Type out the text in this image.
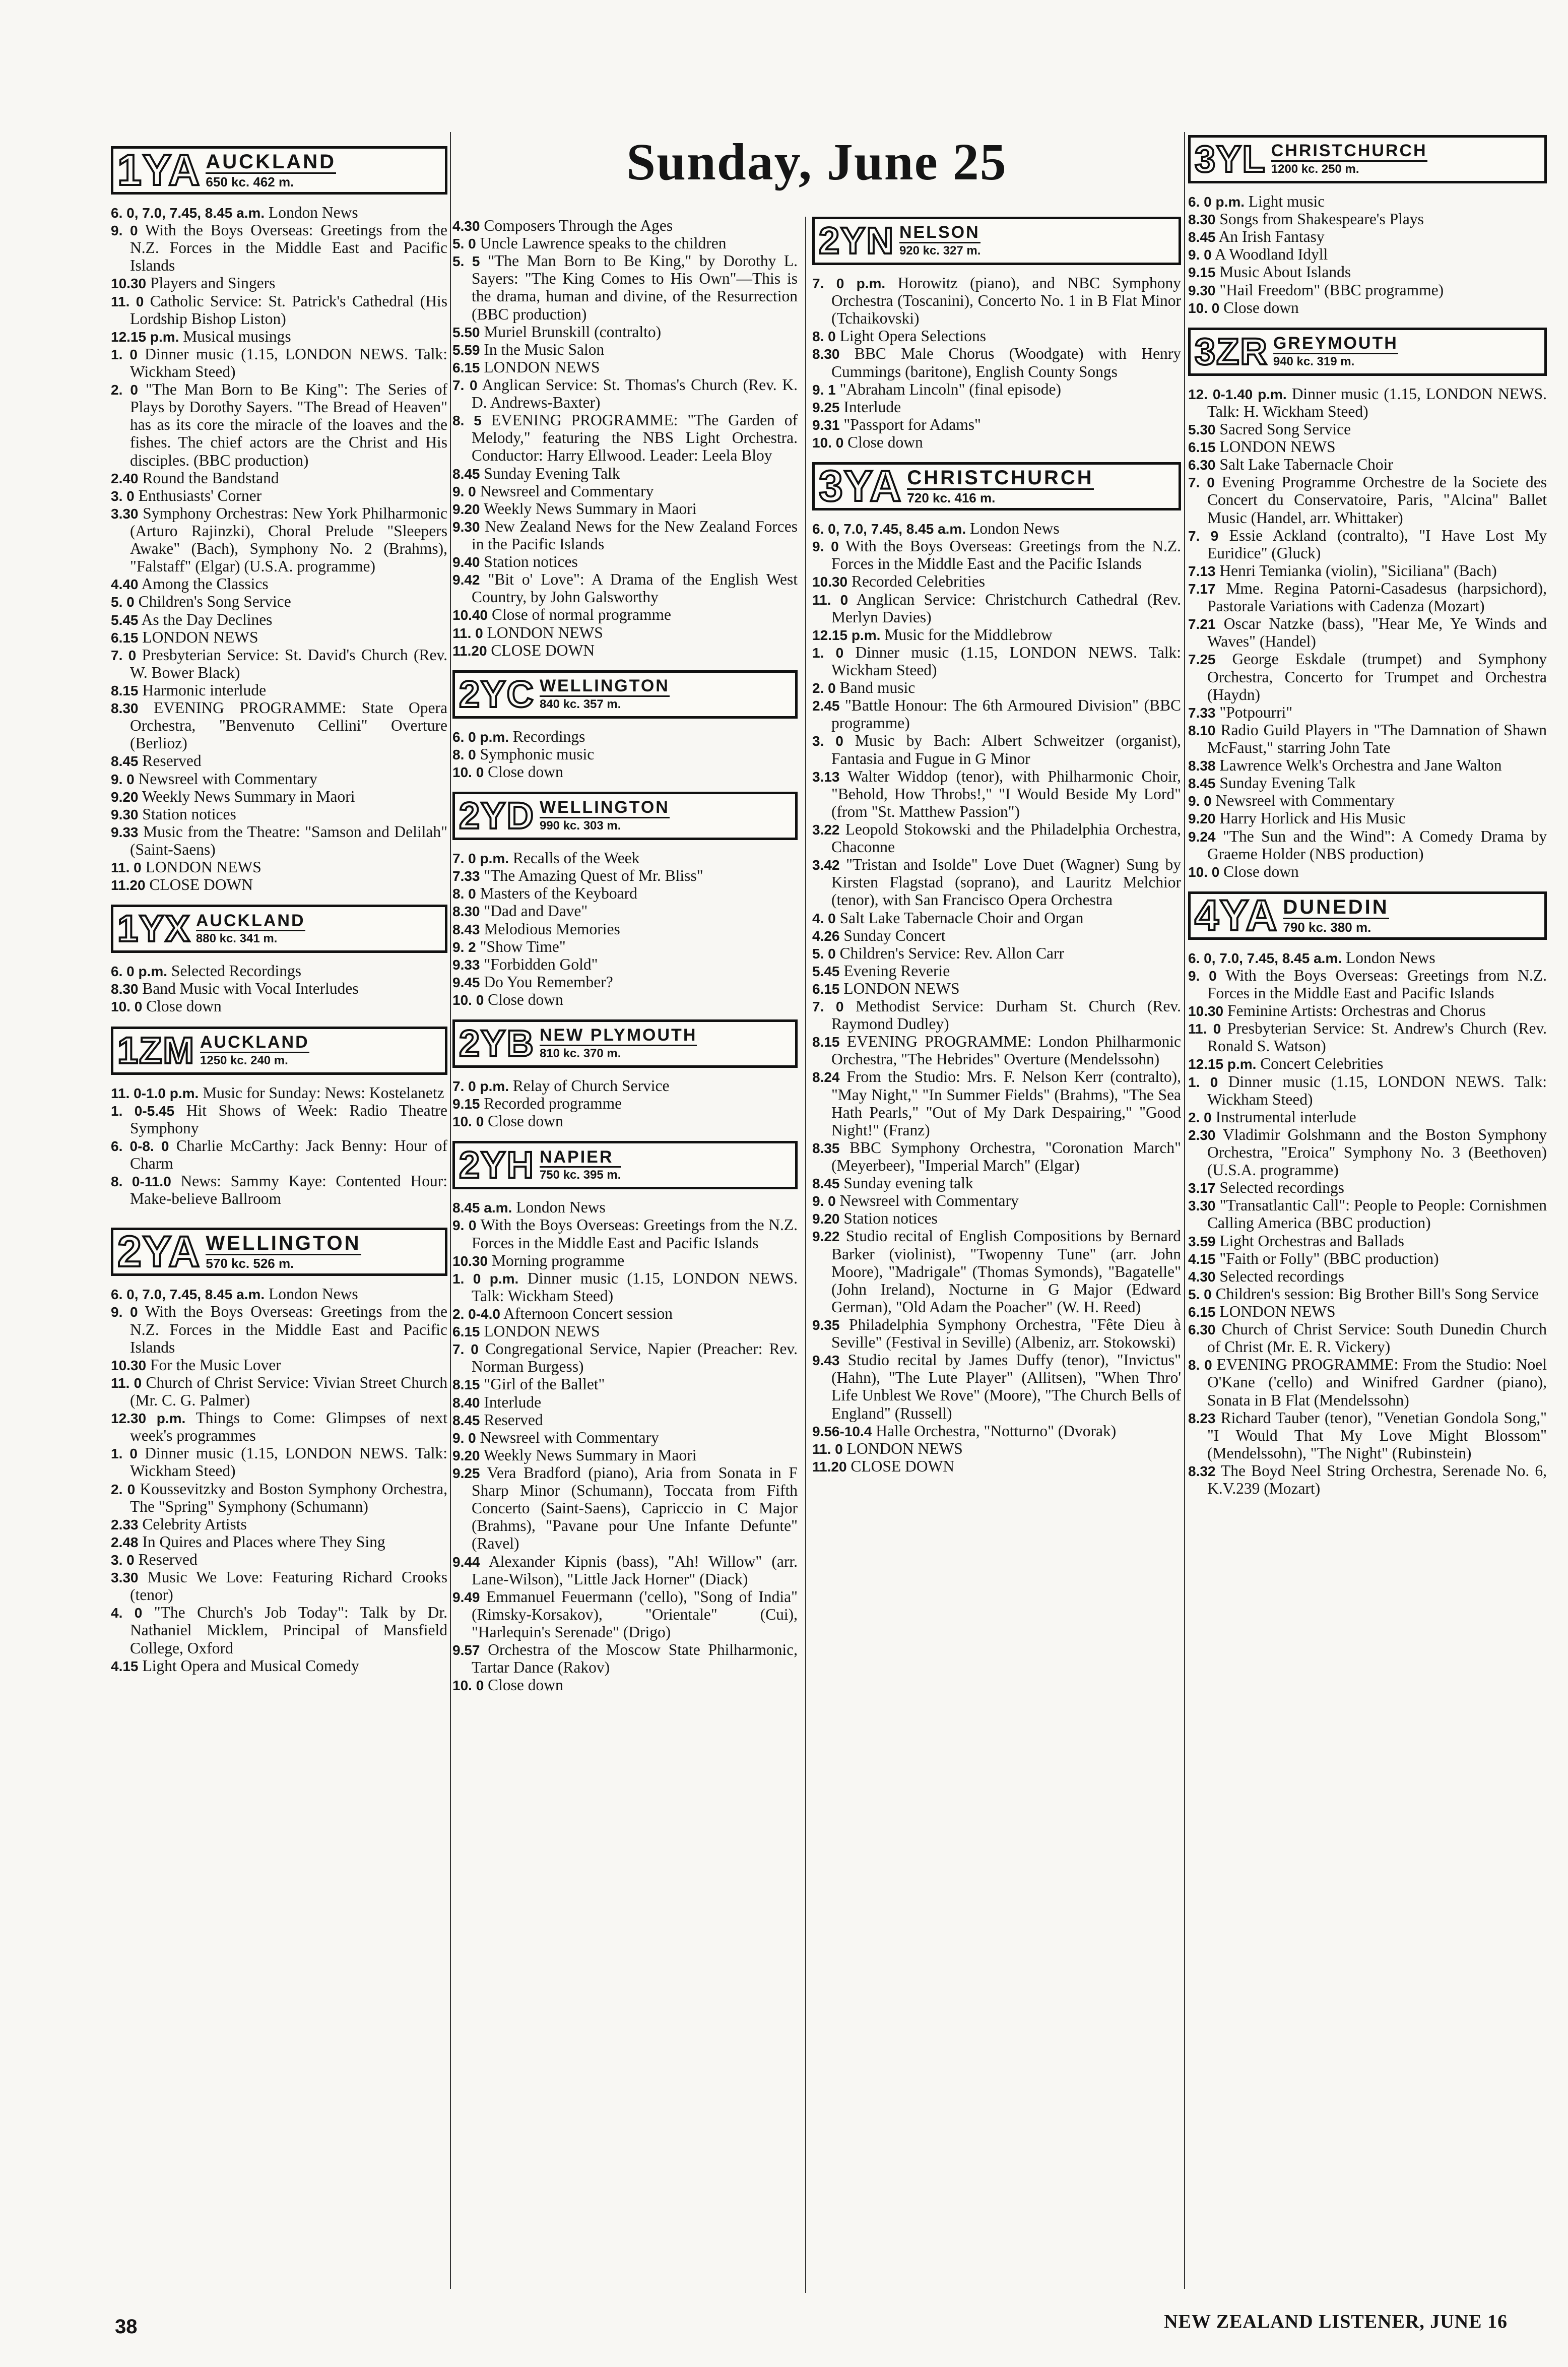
Sunday, June 25
1YA AUCKLAND
650 kc. 462 m.

6. 0, 7.0, 7.45, 8.45 a.m. London News

9. 0 With the Boys Overseas: Greetings from the N.Z. Forces in the Middle East and Pacific Islands

10.30 Players and Singers

11. 0 Catholic Service: St. Patrick's Cathedral (His Lordship Bishop Liston)

12.15 p.m. Musical musings

1. 0 Dinner music (1.15, LONDON NEWS. Talk: Wickham Steed)

2. 0 "The Man Born to Be King": The Series of Plays by Dorothy Sayers. "The Bread of Heaven" has as its core the miracle of the loaves and the fishes. The chief actors are the Christ and His disciples. (BBC production)

2.40 Round the Bandstand

3. 0 Enthusiasts' Corner

3.30 Symphony Orchestras: New York Philharmonic (Arturo Rajinzki), Choral Prelude "Sleepers Awake" (Bach), Symphony No. 2 (Brahms), "Falstaff" (Elgar) (U.S.A. programme)

4.40 Among the Classics

5. 0 Children's Song Service

5.45 As the Day Declines

6.15 LONDON NEWS

7. 0 Presbyterian Service: St. David's Church (Rev. W. Bower Black)

8.15 Harmonic interlude

8.30 EVENING PROGRAMME: State Opera Orchestra, "Benvenuto Cellini" Overture (Berlioz)

8.45 Reserved

9. 0 Newsreel with Commentary

9.20 Weekly News Summary in Maori

9.30 Station notices

9.33 Music from the Theatre: "Samson and Delilah" (Saint-Saens)

11. 0 LONDON NEWS

11.20 CLOSE DOWN

1YX AUCKLAND
880 kc. 341 m.

6. 0 p.m. Selected Recordings

8.30 Band Music with Vocal Interludes

10. 0 Close down

1ZM AUCKLAND
1250 kc. 240 m.

11. 0-1.0 p.m. Music for Sunday: News: Kostelanetz

1. 0-5.45 Hit Shows of Week: Radio Theatre Symphony

6. 0-8. 0 Charlie McCarthy: Jack Benny: Hour of Charm

8. 0-11.0 News: Sammy Kaye: Contented Hour: Make-believe Ballroom

2YA WELLINGTON
570 kc. 526 m.

6. 0, 7.0, 7.45, 8.45 a.m. London News

9. 0 With the Boys Overseas: Greetings from the N.Z. Forces in the Middle East and Pacific Islands

10.30 For the Music Lover

11. 0 Church of Christ Service: Vivian Street Church (Mr. C. G. Palmer)

12.30 p.m. Things to Come: Glimpses of next week's programmes

1. 0 Dinner music (1.15, LONDON NEWS. Talk: Wickham Steed)

2. 0 Koussevitzky and Boston Symphony Orchestra, The "Spring" Symphony (Schumann)

2.33 Celebrity Artists

2.48 In Quires and Places where They Sing

3. 0 Reserved

3.30 Music We Love: Featuring Richard Crooks (tenor)

4. 0 "The Church's Job Today": Talk by Dr. Nathaniel Micklem, Principal of Mansfield College, Oxford

4.15 Light Opera and Musical Comedy

4.30 Composers Through the Ages

5. 0 Uncle Lawrence speaks to the children

5. 5 "The Man Born to Be King," by Dorothy L. Sayers: "The King Comes to His Own"—This is the drama, human and divine, of the Resurrection (BBC production)

5.50 Muriel Brunskill (contralto)

5.59 In the Music Salon

6.15 LONDON NEWS

7. 0 Anglican Service: St. Thomas's Church (Rev. K. D. Andrews-Baxter)

8. 5 EVENING PROGRAMME: "The Garden of Melody," featuring the NBS Light Orchestra. Conductor: Harry Ellwood. Leader: Leela Bloy

8.45 Sunday Evening Talk

9. 0 Newsreel and Commentary

9.20 Weekly News Summary in Maori

9.30 New Zealand News for the New Zealand Forces in the Pacific Islands

9.40 Station notices

9.42 "Bit o' Love": A Drama of the English West Country, by John Galsworthy

10.40 Close of normal programme

11. 0 LONDON NEWS

11.20 CLOSE DOWN

2YC WELLINGTON
840 kc. 357 m.

6. 0 p.m. Recordings

8. 0 Symphonic music

10. 0 Close down

2YD WELLINGTON
990 kc. 303 m.

7. 0 p.m. Recalls of the Week

7.33 "The Amazing Quest of Mr. Bliss"

8. 0 Masters of the Keyboard

8.30 "Dad and Dave"

8.43 Melodious Memories

9. 2 "Show Time"

9.33 "Forbidden Gold"

9.45 Do You Remember?

10. 0 Close down

2YB NEW PLYMOUTH
810 kc. 370 m.

7. 0 p.m. Relay of Church Service

9.15 Recorded programme

10. 0 Close down

2YH NAPIER
750 kc. 395 m.

8.45 a.m. London News

9. 0 With the Boys Overseas: Greetings from the N.Z. Forces in the Middle East and Pacific Islands

10.30 Morning programme

1. 0 p.m. Dinner music (1.15, LONDON NEWS. Talk: Wickham Steed)

2. 0-4.0 Afternoon Concert session

6.15 LONDON NEWS

7. 0 Congregational Service, Napier (Preacher: Rev. Norman Burgess)

8.15 "Girl of the Ballet"

8.40 Interlude

8.45 Reserved

9. 0 Newsreel with Commentary

9.20 Weekly News Summary in Maori

9.25 Vera Bradford (piano), Aria from Sonata in F Sharp Minor (Schumann), Toccata from Fifth Concerto (Saint-Saens), Capriccio in C Major (Brahms), "Pavane pour Une Infante Defunte" (Ravel)

9.44 Alexander Kipnis (bass), "Ah! Willow" (arr. Lane-Wilson), "Little Jack Horner" (Diack)

9.49 Emmanuel Feuermann ('cello), "Song of India" (Rimsky-Korsakov), "Orientale" (Cui), "Harlequin's Serenade" (Drigo)

9.57 Orchestra of the Moscow State Philharmonic, Tartar Dance (Rakov)

10. 0 Close down

2YN NELSON
920 kc. 327 m.

7. 0 p.m. Horowitz (piano), and NBC Symphony Orchestra (Toscanini), Concerto No. 1 in B Flat Minor (Tchaikovski)

8. 0 Light Opera Selections

8.30 BBC Male Chorus (Woodgate) with Henry Cummings (baritone), English County Songs

9. 1 "Abraham Lincoln" (final episode)

9.25 Interlude

9.31 "Passport for Adams"

10. 0 Close down

3YA CHRISTCHURCH
720 kc. 416 m.

6. 0, 7.0, 7.45, 8.45 a.m. London News

9. 0 With the Boys Overseas: Greetings from the N.Z. Forces in the Middle East and the Pacific Islands

10.30 Recorded Celebrities

11. 0 Anglican Service: Christchurch Cathedral (Rev. Merlyn Davies)

12.15 p.m. Music for the Middlebrow

1. 0 Dinner music (1.15, LONDON NEWS. Talk: Wickham Steed)

2. 0 Band music

2.45 "Battle Honour: The 6th Armoured Division" (BBC programme)

3. 0 Music by Bach: Albert Schweitzer (organist), Fantasia and Fugue in G Minor

3.13 Walter Widdop (tenor), with Philharmonic Choir, "Behold, How Throbs!," "I Would Beside My Lord" (from "St. Matthew Passion")

3.22 Leopold Stokowski and the Philadelphia Orchestra, Chaconne

3.42 "Tristan and Isolde" Love Duet (Wagner) Sung by Kirsten Flagstad (soprano), and Lauritz Melchior (tenor), with San Francisco Opera Orchestra

4. 0 Salt Lake Tabernacle Choir and Organ

4.26 Sunday Concert

5. 0 Children's Service: Rev. Allon Carr

5.45 Evening Reverie

6.15 LONDON NEWS

7. 0 Methodist Service: Durham St. Church (Rev. Raymond Dudley)

8.15 EVENING PROGRAMME: London Philharmonic Orchestra, "The Hebrides" Overture (Mendelssohn)

8.24 From the Studio: Mrs. F. Nelson Kerr (contralto), "May Night," "In Summer Fields" (Brahms), "The Sea Hath Pearls," "Out of My Dark Despairing," "Good Night!" (Franz)

8.35 BBC Symphony Orchestra, "Coronation March" (Meyerbeer), "Imperial March" (Elgar)

8.45 Sunday evening talk

9. 0 Newsreel with Commentary

9.20 Station notices

9.22 Studio recital of English Compositions by Bernard Barker (violinist), "Twopenny Tune" (arr. John Moore), "Madrigale" (Thomas Symonds), "Bagatelle" (John Ireland), Nocturne in G Major (Edward German), "Old Adam the Poacher" (W. H. Reed)

9.35 Philadelphia Symphony Orchestra, "Fête Dieu à Seville" (Festival in Seville) (Albeniz, arr. Stokowski)

9.43 Studio recital by James Duffy (tenor), "Invictus" (Hahn), "The Lute Player" (Allitsen), "When Thro' Life Unblest We Rove" (Moore), "The Church Bells of England" (Russell)

9.56-10.4 Halle Orchestra, "Notturno" (Dvorak)

11. 0 LONDON NEWS

11.20 CLOSE DOWN

3YL CHRISTCHURCH
1200 kc. 250 m.

6. 0 p.m. Light music

8.30 Songs from Shakespeare's Plays

8.45 An Irish Fantasy

9. 0 A Woodland Idyll

9.15 Music About Islands

9.30 "Hail Freedom" (BBC programme)

10. 0 Close down

3ZR GREYMOUTH
940 kc. 319 m.

12. 0-1.40 p.m. Dinner music (1.15, LONDON NEWS. Talk: H. Wickham Steed)

5.30 Sacred Song Service

6.15 LONDON NEWS

6.30 Salt Lake Tabernacle Choir

7. 0 Evening Programme Orchestre de la Societe des Concert du Conservatoire, Paris, "Alcina" Ballet Music (Handel, arr. Whittaker)

7. 9 Essie Ackland (contralto), "I Have Lost My Euridice" (Gluck)

7.13 Henri Temianka (violin), "Siciliana" (Bach)

7.17 Mme. Regina Patorni-Casadesus (harpsichord), Pastorale Variations with Cadenza (Mozart)

7.21 Oscar Natzke (bass), "Hear Me, Ye Winds and Waves" (Handel)

7.25 George Eskdale (trumpet) and Symphony Orchestra, Concerto for Trumpet and Orchestra (Haydn)

7.33 "Potpourri"

8.10 Radio Guild Players in "The Damnation of Shawn McFaust," starring John Tate

8.38 Lawrence Welk's Orchestra and Jane Walton

8.45 Sunday Evening Talk

9. 0 Newsreel with Commentary

9.20 Harry Horlick and His Music

9.24 "The Sun and the Wind": A Comedy Drama by Graeme Holder (NBS production)

10. 0 Close down

4YA DUNEDIN
790 kc. 380 m.

6. 0, 7.0, 7.45, 8.45 a.m. London News

9. 0 With the Boys Overseas: Greetings from N.Z. Forces in the Middle East and Pacific Islands

10.30 Feminine Artists: Orchestras and Chorus

11. 0 Presbyterian Service: St. Andrew's Church (Rev. Ronald S. Watson)

12.15 p.m. Concert Celebrities

1. 0 Dinner music (1.15, LONDON NEWS. Talk: Wickham Steed)

2. 0 Instrumental interlude

2.30 Vladimir Golshmann and the Boston Symphony Orchestra, "Eroica" Symphony No. 3 (Beethoven) (U.S.A. programme)

3.17 Selected recordings

3.30 "Transatlantic Call": People to People: Cornishmen Calling America (BBC production)

3.59 Light Orchestras and Ballads

4.15 "Faith or Folly" (BBC production)

4.30 Selected recordings

5. 0 Children's session: Big Brother Bill's Song Service

6.15 LONDON NEWS

6.30 Church of Christ Service: South Dunedin Church of Christ (Mr. E. R. Vickery)

8. 0 EVENING PROGRAMME: From the Studio: Noel O'Kane ('cello) and Winifred Gardner (piano), Sonata in B Flat (Mendelssohn)

8.23 Richard Tauber (tenor), "Venetian Gondola Song," "I Would That My Love Might Blossom" (Mendelssohn), "The Night" (Rubinstein)

8.32 The Boyd Neel String Orchestra, Serenade No. 6, K.V.239 (Mozart)

38	NEW ZEALAND LISTENER, JUNE 16
